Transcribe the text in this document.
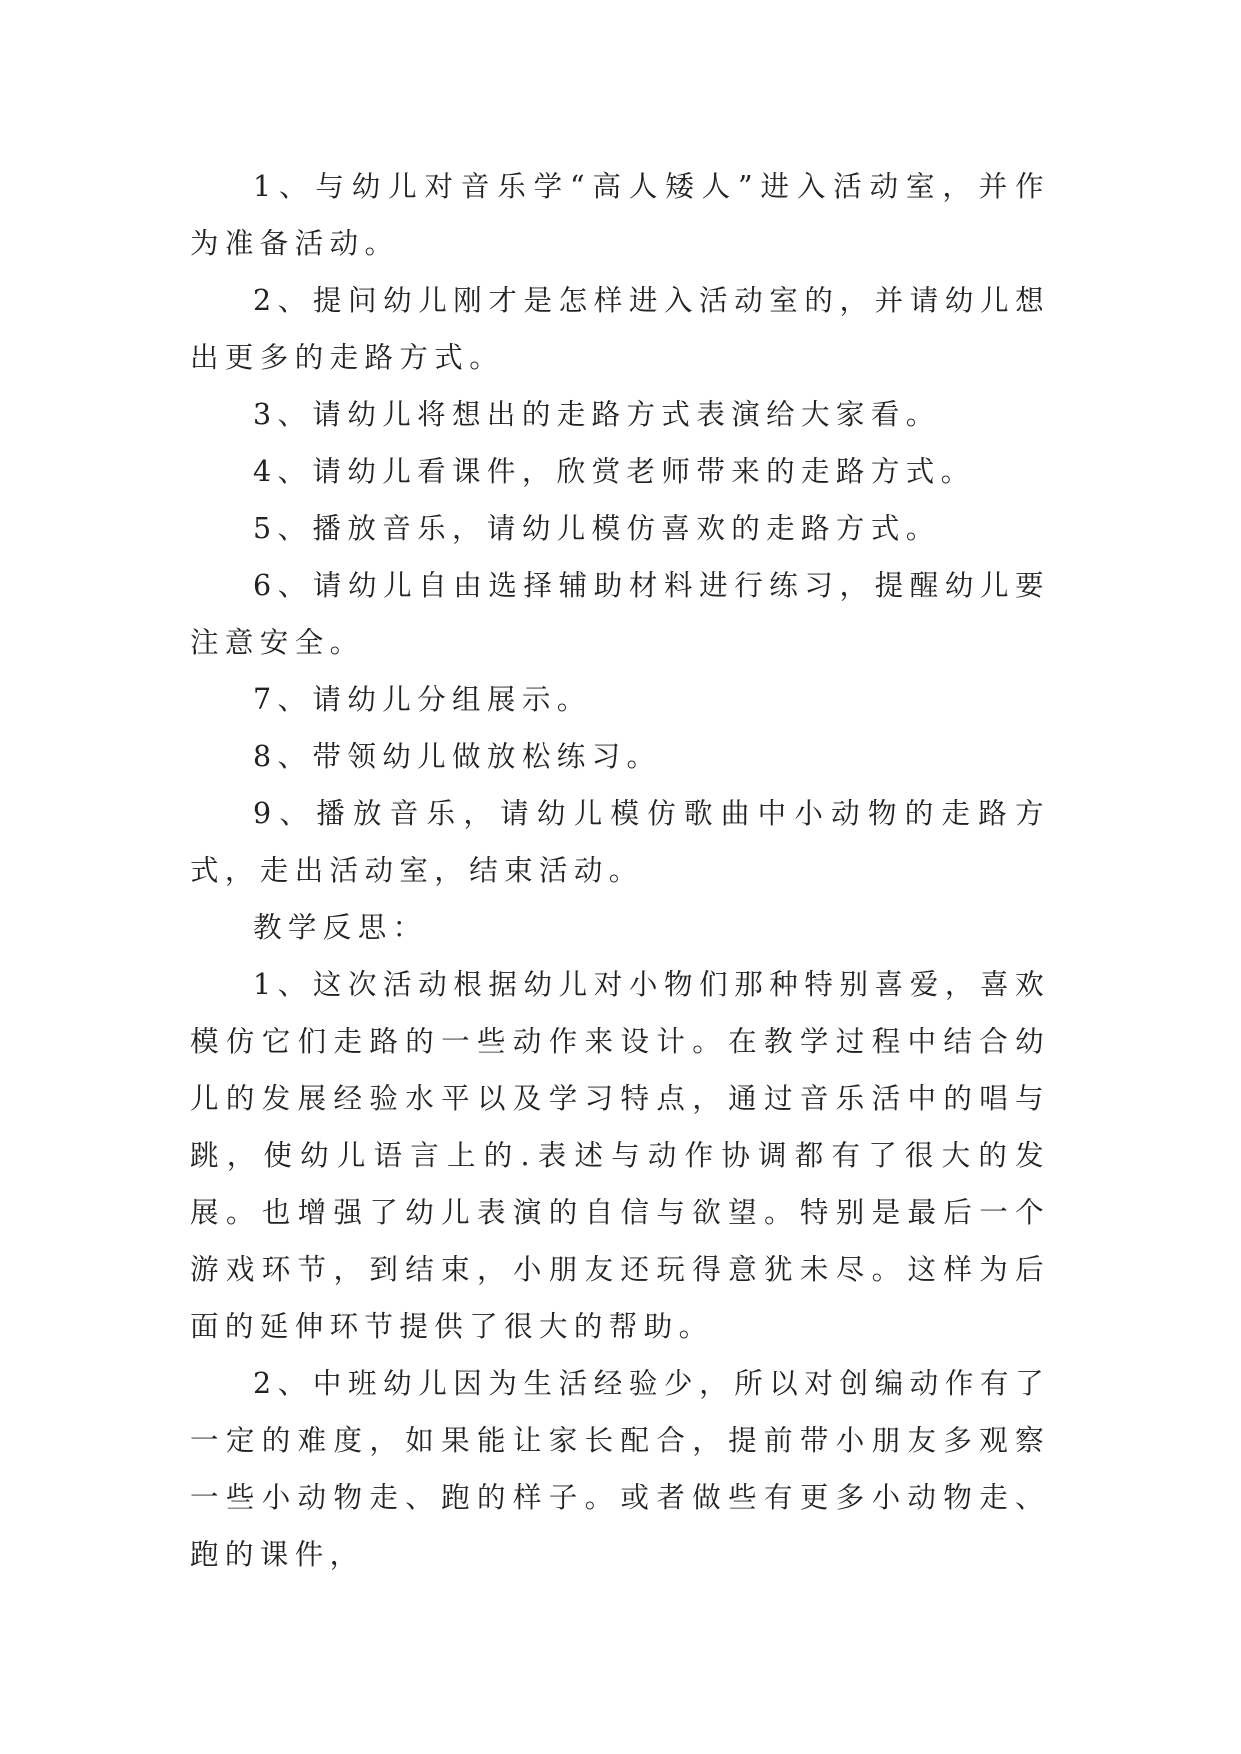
1、与幼儿对音乐学“高人矮人”进入活动室，并作为准备活动。

2、提问幼儿刚才是怎样进入活动室的，并请幼儿想出更多的走路方式。

3、请幼儿将想出的走路方式表演给大家看。

4、请幼儿看课件，欣赏老师带来的走路方式。

5、播放音乐，请幼儿模仿喜欢的走路方式。

6、请幼儿自由选择辅助材料进行练习，提醒幼儿要注意安全。

7、请幼儿分组展示。

8、带领幼儿做放松练习。

9、播放音乐，请幼儿模仿歌曲中小动物的走路方式，走出活动室，结束活动。

教学反思：

1、这次活动根据幼儿对小物们那种特别喜爱，喜欢模仿它们走路的一些动作来设计。在教学过程中结合幼儿的发展经验水平以及学习特点，通过音乐活中的唱与跳，使幼儿语言上的.表述与动作协调都有了很大的发展。也增强了幼儿表演的自信与欲望。特别是最后一个游戏环节，到结束，小朋友还玩得意犹未尽。这样为后面的延伸环节提供了很大的帮助。

2、中班幼儿因为生活经验少，所以对创编动作有了一定的难度，如果能让家长配合，提前带小朋友多观察一些小动物走、跑的样子。或者做些有更多小动物走、跑的课件，
